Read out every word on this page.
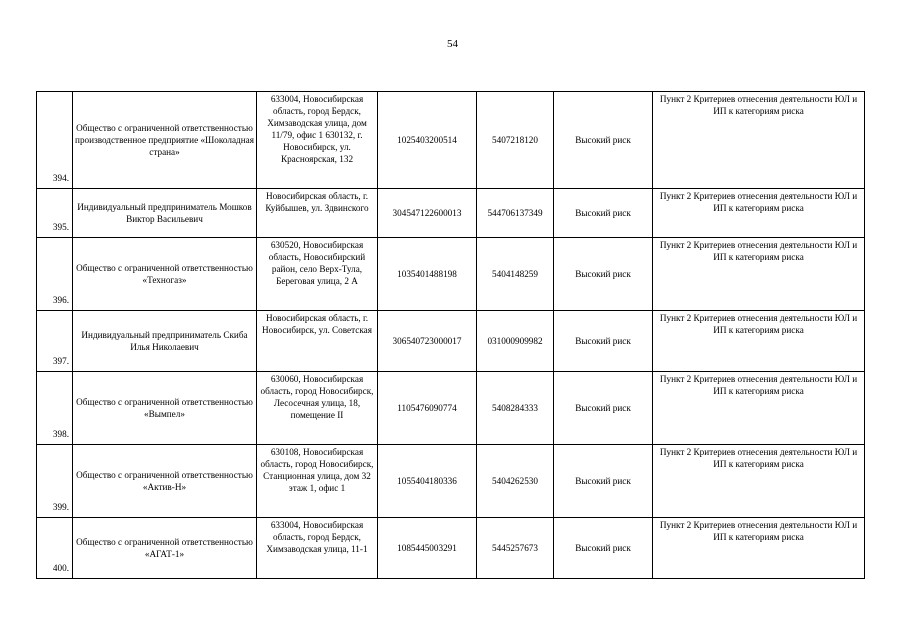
54
394.	Общество с ограниченной ответственностью производственное предприятие «Шоколадная страна»	633004, Новосибирская область, город Бердск, Химзаводская улица, дом 11/79, офис 1 630132, г. Новосибирск, ул. Красноярская, 132	1025403200514	5407218120	Высокий риск	Пункт 2 Критериев отнесения деятельности ЮЛ и ИП к категориям риска
395.	Индивидуальный предприниматель Мошков Виктор Васильевич	Новосибирская область, г. Куйбышев, ул. Здвинского	304547122600013	544706137349	Высокий риск	Пункт 2 Критериев отнесения деятельности ЮЛ и ИП к категориям риска
396.	Общество с ограниченной ответственностью «Техногаз»	630520, Новосибирская область, Новосибирский район, село Верх-Тула, Береговая улица, 2 А	1035401488198	5404148259	Высокий риск	Пункт 2 Критериев отнесения деятельности ЮЛ и ИП к категориям риска
397.	Индивидуальный предприниматель Скиба Илья Николаевич	Новосибирская область, г. Новосибирск, ул. Советская	306540723000017	031000909982	Высокий риск	Пункт 2 Критериев отнесения деятельности ЮЛ и ИП к категориям риска
398.	Общество с ограниченной ответственностью «Вымпел»	630060, Новосибирская область, город Новосибирск, Лесосечная улица, 18, помещение II	1105476090774	5408284333	Высокий риск	Пункт 2 Критериев отнесения деятельности ЮЛ и ИП к категориям риска
399.	Общество с ограниченной ответственностью «Актив-Н»	630108, Новосибирская область, город Новосибирск, Станционная улица, дом 32 этаж 1, офис 1	1055404180336	5404262530	Высокий риск	Пункт 2 Критериев отнесения деятельности ЮЛ и ИП к категориям риска
400.	Общество с ограниченной ответственностью «АГАТ-1»	633004, Новосибирская область, город Бердск, Химзаводская улица, 11-1	1085445003291	5445257673	Высокий риск	Пункт 2 Критериев отнесения деятельности ЮЛ и ИП к категориям риска
